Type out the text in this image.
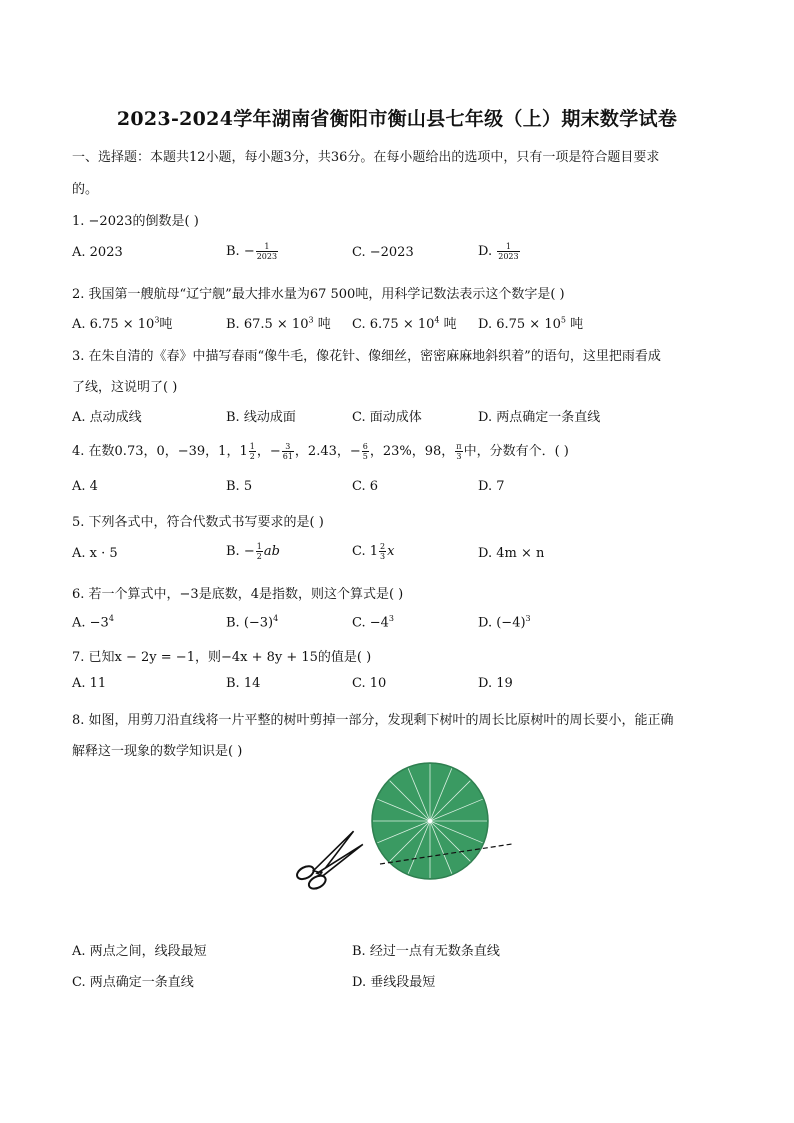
2023-2024学年湖南省衡阳市衡山县七年级（上）期末数学试卷
一、选择题：本题共12小题，每小题3分，共36分。在每小题给出的选项中，只有一项是符合题目要求
的。
1. −2023的倒数是( )
A. 2023	B. − $\frac{1}{2023}$	C. −2023	D. $\frac{1}{2023}$
2. 我国第一艘航母“辽宁舰”最大排水量为67 500吨，用科学记数法表示这个数字是( )
A. $6.75 \times 10^3$吨	B. $67.5 \times 10^3$ 吨 C. $6.75 \times 10^4$ 吨 D. $6.75 \times 10^5$ 吨
3. 在朱自清的《春》中描写春雨“像牛毛，像花针、像细丝，密密麻麻地斜织着”的语句，这里把雨看成
了线，这说明了( )
A. 点动成线	B. 线动成面	C. 面动成体	D. 两点确定一条直线
4. 在数0.73，0，−39，1，$1 \frac{1}{2}$ ，− $\frac{3}{61}$ ，2.43，− $\frac{6}{5}$ ，23%，98， $\frac{\pi}{3}$ 中，分数有个．( )
A. 4	B. 5	C. 6	D. 7
5. 下列各式中，符合代数式书写要求的是( )
A. x · 5	B. − $\frac{1}{2}$ ab	C. $1 \frac{2}{3}$ x	D. 4m × n
6. 若一个算式中，−3是底数，4是指数，则这个算式是( )
A. $-3^4$	B. $(-3)^4$	C. $-4^3$	D. $(-4)^3$
7. 已知x − 2y = −1，则−4x + 8y + 15的值是( )
A. 11	B. 14	C. 10	D. 19
8. 如图，用剪刀沿直线将一片平整的树叶剪掉一部分，发现剩下树叶的周长比原树叶的周长要小，能正确
解释这一现象的数学知识是( )
A. 两点之间，线段最短	B. 经过一点有无数条直线
C. 两点确定一条直线	D. 垂线段最短
